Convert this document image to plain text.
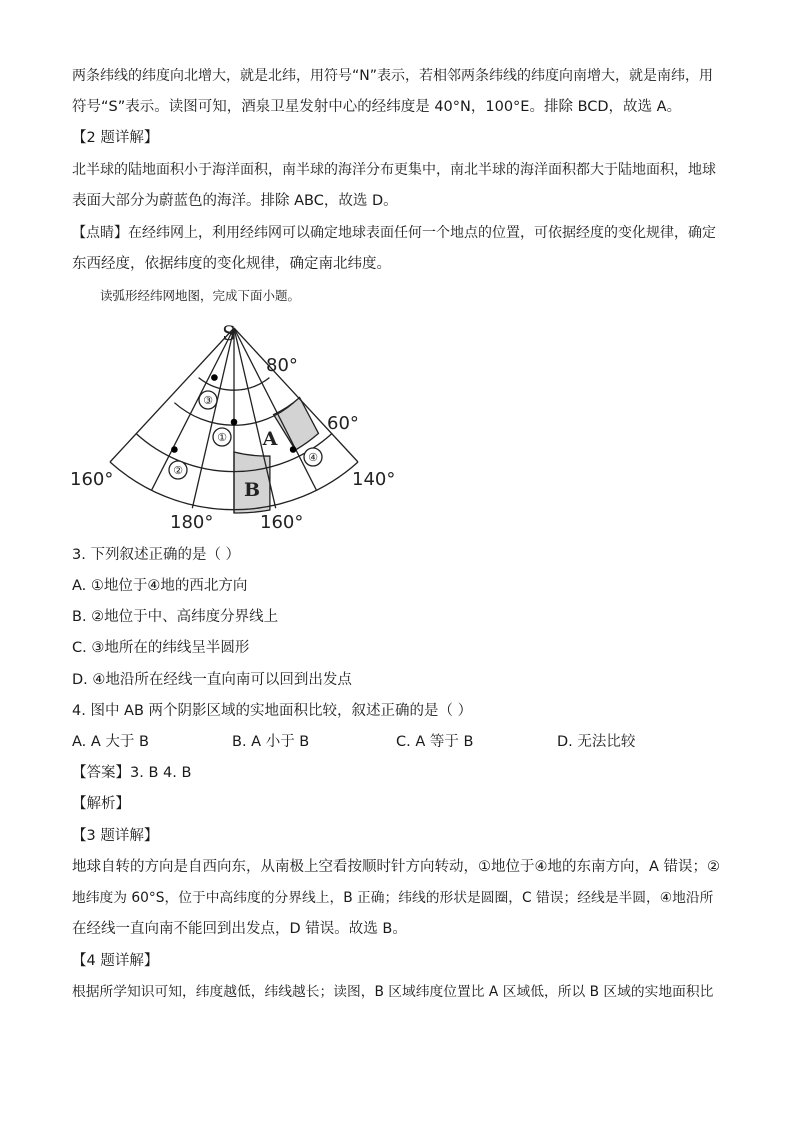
两条纬线的纬度向北增大，就是北纬，用符号“N”表示，若相邻两条纬线的纬度向南增大，就是南纬，用
符号“S”表示。读图可知，酒泉卫星发射中心的经纬度是 40°N，100°E。排除 BCD，故选 A。
【2 题详解】
北半球的陆地面积小于海洋面积，南半球的海洋分布更集中，南北半球的海洋面积都大于陆地面积，地球
表面大部分为蔚蓝色的海洋。排除 ABC，故选 D。
【点睛】在经纬网上，利用经纬网可以确定地球表面任何一个地点的位置，可依据经度的变化规律，确定
东西经度，依据纬度的变化规律，确定南北纬度。
读弧形经纬网地图，完成下面小题。
①
②
③
④
A
B
S
80°
60°
160°	140°
180°	160°
3. 下列叙述正确的是（ ）
A. ①地位于④地的西北方向
B. ②地位于中、高纬度分界线上
C. ③地所在的纬线呈半圆形
D. ④地沿所在经线一直向南可以回到出发点
4. 图中 AB 两个阴影区域的实地面积比较，叙述正确的是（ ）
A. A 大于 B	B. A 小于 B	C. A 等于 B	D. 无法比较
【答案】3. B 4. B
【解析】
【3 题详解】
地球自转的方向是自西向东，从南极上空看按顺时针方向转动，①地位于④地的东南方向，A 错误；②
地纬度为 60°S，位于中高纬度的分界线上，B 正确；纬线的形状是圆圈，C 错误；经线是半圆，④地沿所
在经线一直向南不能回到出发点，D 错误。故选 B。
【4 题详解】
根据所学知识可知，纬度越低，纬线越长；读图，B 区域纬度位置比 A 区域低，所以 B 区域的实地面积比
